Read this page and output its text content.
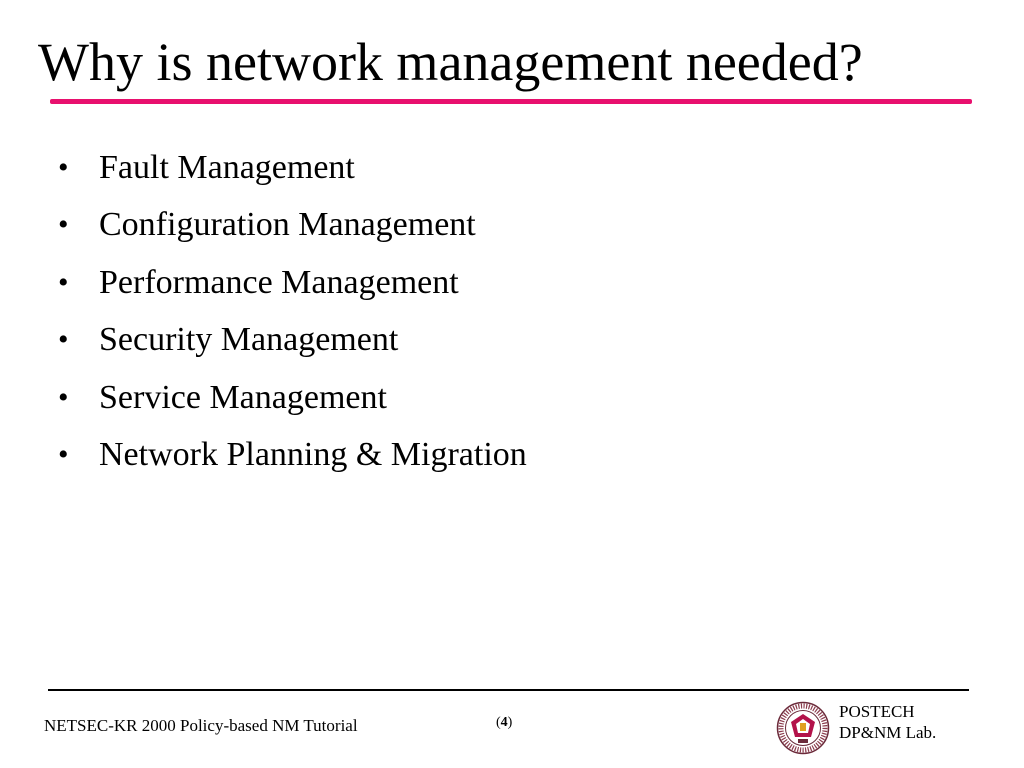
Why is network management needed?
• Fault Management
• Configuration Management
• Performance Management
• Security Management
• Service Management
• Network Planning & Migration
NETSEC-KR 2000 Policy-based NM Tutorial	(4)
POSTECH
DP&NM Lab.
